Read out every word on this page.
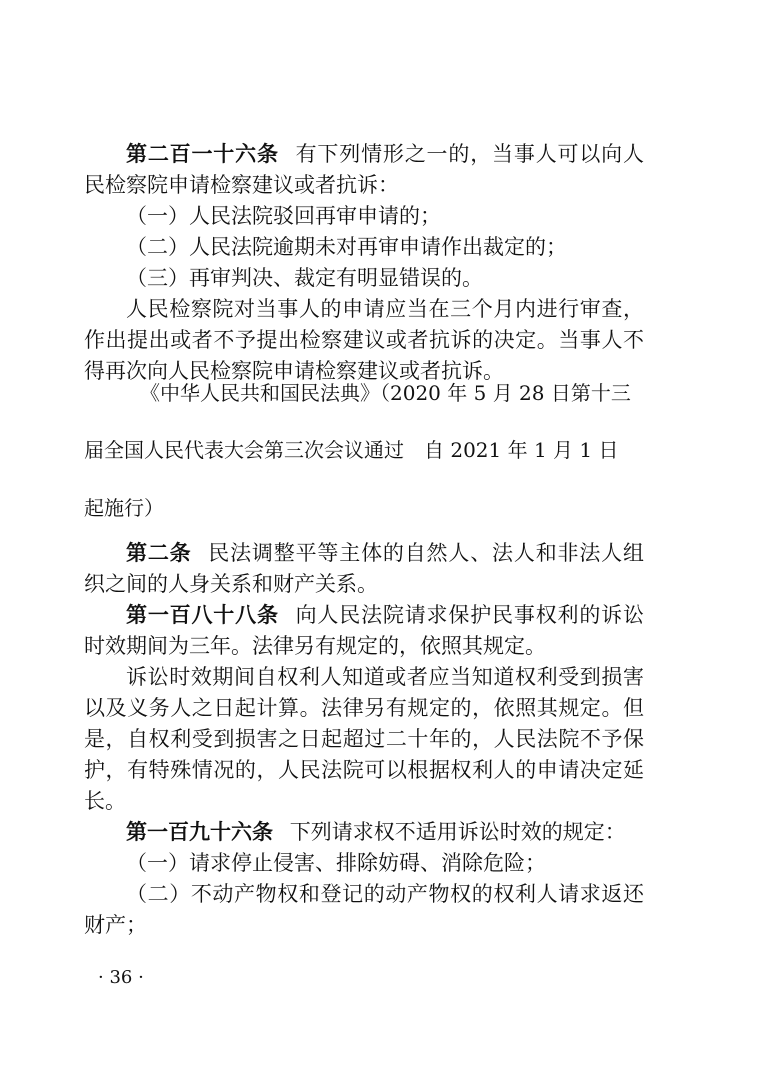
第二百一十六条 有下列情形之一的，当事人可以向人民检察院申请检察建议或者抗诉：

（一）人民法院驳回再审申请的；

（二）人民法院逾期未对再审申请作出裁定的；

（三）再审判决、裁定有明显错误的。

人民检察院对当事人的申请应当在三个月内进行审查，作出提出或者不予提出检察建议或者抗诉的决定。当事人不得再次向人民检察院申请检察建议或者抗诉。

《中华人民共和国民法典》（2020 年 5 月 28 日第十三
届全国人民代表大会第三次会议通过　自 2021 年 1 月 1 日
起施行）

第二条 民法调整平等主体的自然人、法人和非法人组织之间的人身关系和财产关系。

第一百八十八条 向人民法院请求保护民事权利的诉讼时效期间为三年。法律另有规定的，依照其规定。

诉讼时效期间自权利人知道或者应当知道权利受到损害以及义务人之日起计算。法律另有规定的，依照其规定。但是，自权利受到损害之日起超过二十年的，人民法院不予保护，有特殊情况的，人民法院可以根据权利人的申请决定延长。

第一百九十六条 下列请求权不适用诉讼时效的规定：

（一）请求停止侵害、排除妨碍、消除危险；

（二）不动产物权和登记的动产物权的权利人请求返还财产；

· 36 ·
